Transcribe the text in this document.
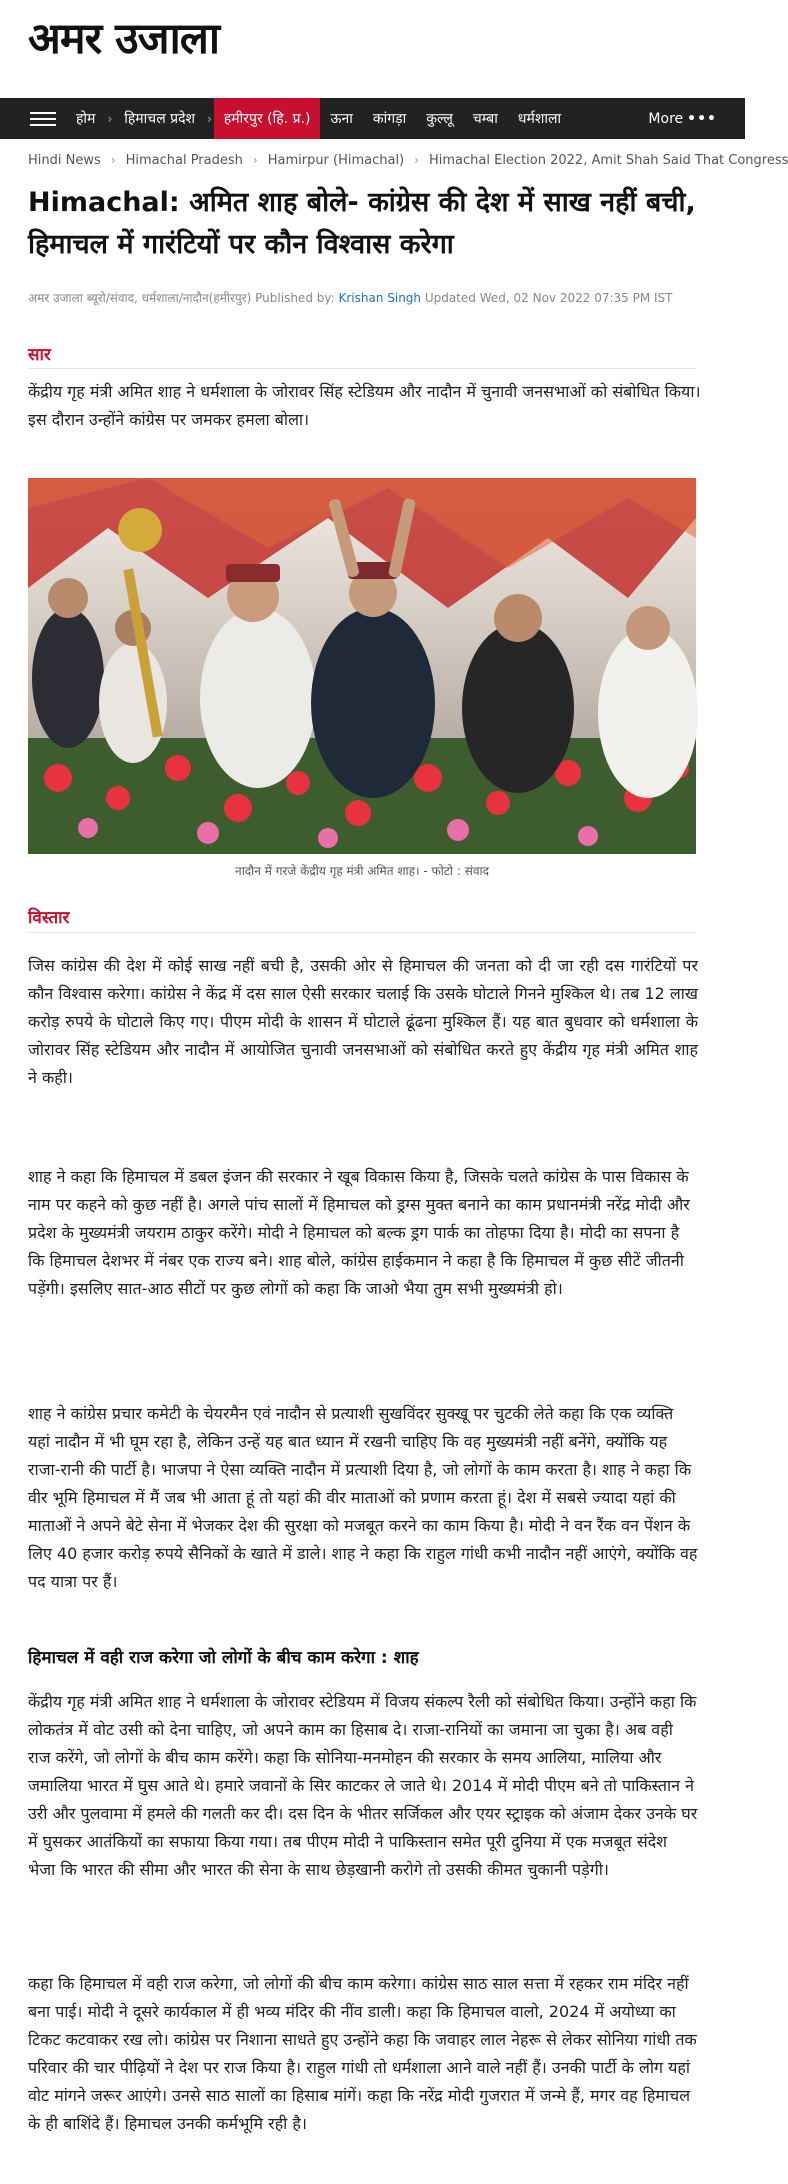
अमर उजाला
होम	› हिमाचल प्रदेश	› हमीरपुर (हि. प्र.)	ऊना	कांगड़ा	कुल्लू	चम्बा	धर्मशाला	More •••
Hindi News › Himachal Pradesh › Hamirpur (Himachal) › Himachal Election 2022, Amit Shah Said That Congress
Himachal: अमित शाह बोले- कांग्रेस की देश में साख नहीं बची, हिमाचल में गारंटियों पर कौन विश्वास करेगा
अमर उजाला ब्यूरो/संवाद, धर्मशाला/नादौन(हमीरपुर) Published by: Krishan Singh Updated Wed, 02 Nov 2022 07:35 PM IST
सार

केंद्रीय गृह मंत्री अमित शाह ने धर्मशाला के जोरावर सिंह स्टेडियम और नादौन में चुनावी जनसभाओं को संबोधित किया। इस दौरान उन्होंने कांग्रेस पर जमकर हमला बोला।

नादौन में गरजे केंद्रीय गृह मंत्री अमित शाह। - फोटो : संवाद
विस्तार

जिस कांग्रेस की देश में कोई साख नहीं बची है, उसकी ओर से हिमाचल की जनता को दी जा रही दस गारंटियों पर कौन विश्वास करेगा। कांग्रेस ने केंद्र में दस साल ऐसी सरकार चलाई कि उसके घोटाले गिनने मुश्किल थे। तब 12 लाख करोड़ रुपये के घोटाले किए गए। पीएम मोदी के शासन में घोटाले ढूंढना मुश्किल हैं। यह बात बुधवार को धर्मशाला के जोरावर सिंह स्टेडियम और नादौन में आयोजित चुनावी जनसभाओं को संबोधित करते हुए केंद्रीय गृह मंत्री अमित शाह ने कही।

शाह ने कहा कि हिमाचल में डबल इंजन की सरकार ने खूब विकास किया है, जिसके चलते कांग्रेस के पास विकास के नाम पर कहने को कुछ नहीं है। अगले पांच सालों में हिमाचल को ड्रग्स मुक्त बनाने का काम प्रधानमंत्री नरेंद्र मोदी और प्रदेश के मुख्यमंत्री जयराम ठाकुर करेंगे। मोदी ने हिमाचल को बल्क ड्रग पार्क का तोहफा दिया है। मोदी का सपना है कि हिमाचल देशभर में नंबर एक राज्य बने। शाह बोले, कांग्रेस हाईकमान ने कहा है कि हिमाचल में कुछ सीटें जीतनी पड़ेंगी। इसलिए सात-आठ सीटों पर कुछ लोगों को कहा कि जाओ भैया तुम सभी मुख्यमंत्री हो।

शाह ने कांग्रेस प्रचार कमेटी के चेयरमैन एवं नादौन से प्रत्याशी सुखविंदर सुक्खू पर चुटकी लेते कहा कि एक व्यक्ति यहां नादौन में भी घूम रहा है, लेकिन उन्हें यह बात ध्यान में रखनी चाहिए कि वह मुख्यमंत्री नहीं बनेंगे, क्योंकि यह राजा-रानी की पार्टी है। भाजपा ने ऐसा व्यक्ति नादौन में प्रत्याशी दिया है, जो लोगों के काम करता है। शाह ने कहा कि वीर भूमि हिमाचल में मैं जब भी आता हूं तो यहां की वीर माताओं को प्रणाम करता हूं। देश में सबसे ज्यादा यहां की माताओं ने अपने बेटे सेना में भेजकर देश की सुरक्षा को मजबूत करने का काम किया है। मोदी ने वन रैंक वन पेंशन के लिए 40 हजार करोड़ रुपये सैनिकों के खाते में डाले। शाह ने कहा कि राहुल गांधी कभी नादौन नहीं आएंगे, क्योंकि वह पद यात्रा पर हैं।

हिमाचल में वही राज करेगा जो लोगों के बीच काम करेगा : शाह

केंद्रीय गृह मंत्री अमित शाह ने धर्मशाला के जोरावर स्टेडियम में विजय संकल्प रैली को संबोधित किया। उन्होंने कहा कि लोकतंत्र में वोट उसी को देना चाहिए, जो अपने काम का हिसाब दे। राजा-रानियों का जमाना जा चुका है। अब वही राज करेंगे, जो लोगों के बीच काम करेंगे। कहा कि सोनिया-मनमोहन की सरकार के समय आलिया, मालिया और जमालिया भारत में घुस आते थे। हमारे जवानों के सिर काटकर ले जाते थे। 2014 में मोदी पीएम बने तो पाकिस्तान ने उरी और पुलवामा में हमले की गलती कर दी। दस दिन के भीतर सर्जिकल और एयर स्ट्राइक को अंजाम देकर उनके घर में घुसकर आतंकियों का सफाया किया गया। तब पीएम मोदी ने पाकिस्तान समेत पूरी दुनिया में एक मजबूत संदेश भेजा कि भारत की सीमा और भारत की सेना के साथ छेड़खानी करोगे तो उसकी कीमत चुकानी पड़ेगी।

कहा कि हिमाचल में वही राज करेगा, जो लोगों की बीच काम करेगा। कांग्रेस साठ साल सत्ता में रहकर राम मंदिर नहीं बना पाई। मोदी ने दूसरे कार्यकाल में ही भव्य मंदिर की नींव डाली। कहा कि हिमाचल वालो, 2024 में अयोध्या का टिकट कटवाकर रख लो। कांग्रेस पर निशाना साधते हुए उन्होंने कहा कि जवाहर लाल नेहरू से लेकर सोनिया गांधी तक परिवार की चार पीढ़ियों ने देश पर राज किया है। राहुल गांधी तो धर्मशाला आने वाले नहीं हैं। उनकी पार्टी के लोग यहां वोट मांगने जरूर आएंगे। उनसे साठ सालों का हिसाब मांगें। कहा कि नरेंद्र मोदी गुजरात में जन्मे हैं, मगर वह हिमाचल के ही बाशिंदे हैं। हिमाचल उनकी कर्मभूमि रही है।
